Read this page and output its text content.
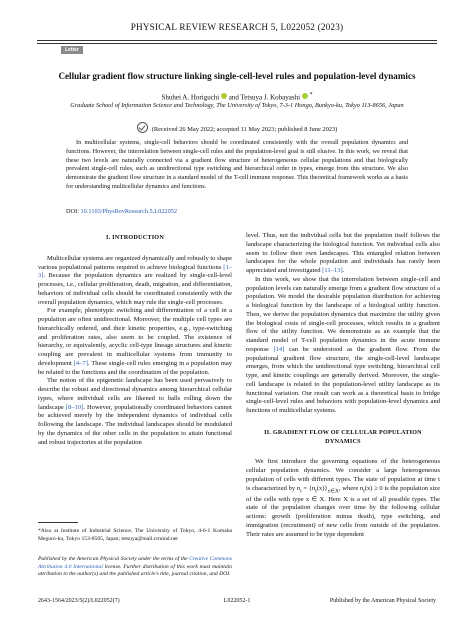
PHYSICAL REVIEW RESEARCH 5, L022052 (2023)
Letter
Cellular gradient flow structure linking single-cell-level rules and population-level dynamics
Shuhei A. Horiguchi and Tetsuya J. Kobayashi *
Graduate School of Information Science and Technology, The University of Tokyo, 7-3-1 Hongo, Bunkyo-ku, Tokyo 113-8656, Japan
(Received 26 May 2022; accepted 11 May 2023; published 8 June 2023)
In multicellular systems, single-cell behaviors should be coordinated consistently with the overall population dynamics and functions. However, the interrelation between single-cell rules and the population-level goal is still elusive. In this work, we reveal that these two levels are naturally connected via a gradient flow structure of heterogeneous cellular populations and that biologically prevalent single-cell rules, such as unidirectional type switching and hierarchical order in types, emerge from this structure. We also demonstrate the gradient flow structure in a standard model of the T-cell immune response. This theoretical framework works as a basis for understanding multicellular dynamics and functions.
DOI: 10.1103/PhysRevResearch.5.L022052
I. INTRODUCTION

Multicellular systems are organized dynamically and robustly to shape various populational patterns required to achieve biological functions [1–3]. Because the population dynamics are realized by single-cell-level processes, i.e., cellular proliferation, death, migration, and differentiation, behaviors of individual cells should be coordinated consistently with the overall population dynamics, which may rule the single-cell processes.

For example, phenotypic switching and differentiation of a cell in a population are often unidirectional. Moreover, the multiple cell types are hierarchically ordered, and their kinetic properties, e.g., type-switching and proliferation rates, also seem to be coupled. The existence of hierarchy, or equivalently, acyclic cell-type lineage structures and kinetic coupling are prevalent in multicellular systems from immunity to development [4–7]. These single-cell rules emerging in a population may be related to the functions and the coordination of the population.

The notion of the epigenetic landscape has been used pervasively to describe the robust and directional dynamics among hierarchical cellular types, where individual cells are likened to balls rolling down the landscape [8–10]. However, populationally coordinated behaviors cannot be achieved merely by the independent dynamics of individual cells following the landscape. The individual landscapes should be modulated by the dynamics of the other cells in the population to attain functional and robust trajectories at the population

level. Thus, not the individual cells but the population itself follows the landscape characterizing the biological function. Yet individual cells also seem to follow their own landscapes. This entangled relation between landscapes for the whole population and individuals has rarely been appreciated and investigated [11–13].

In this work, we show that the interrelation between single-cell and population levels can naturally emerge from a gradient flow structure of a population. We model the desirable population distribution for achieving a biological function by the landscape of a biological utility function. Then, we derive the population dynamics that maximize the utility given the biological costs of single-cell processes, which results in a gradient flow of the utility function. We demonstrate as an example that the standard model of T-cell population dynamics in the acute immune response [14] can be understood as the gradient flow. From the populational gradient flow structure, the single-cell-level landscape emerges, from which the unidirectional type switching, hierarchical cell type, and kinetic couplings are generally derived. Moreover, the single-cell landscape is related to the population-level utility landscape as its functional variation. Our result can work as a theoretical basis to bridge single-cell-level rules and behaviors with population-level dynamics and functions of multicellular systems.

II. GRADIENT FLOW OF CELLULAR POPULATION DYNAMICS

We first introduce the governing equations of the heterogeneous cellular population dynamics. We consider a large heterogeneous population of cells with different types. The state of population at time t is characterized by $n_t = \{n_t(x)\}_{x\in X}$, where $n_t(x) \ge 0$ is the population size of the cells with type x ∈ X. Here X is a set of all possible types. The state of the population changes over time by the following cellular actions: growth (proliferation minus death), type switching, and immigration (recruitment) of new cells from outside of the population. Their rates are assumed to be type dependent

*Also at Institute of Industrial Science, The University of Tokyo, 4-6-1 Komaba Meguro-ku, Tokyo 153-8505, Japan; tetsuya@mail.crmind.net
Published by the American Physical Society under the terms of the Creative Commons Attribution 4.0 International license. Further distribution of this work must maintain attribution to the author(s) and the published article's title, journal citation, and DOI.
2643-1564/2023/5(2)/L022052(7)	L022052-1	Published by the American Physical Society
